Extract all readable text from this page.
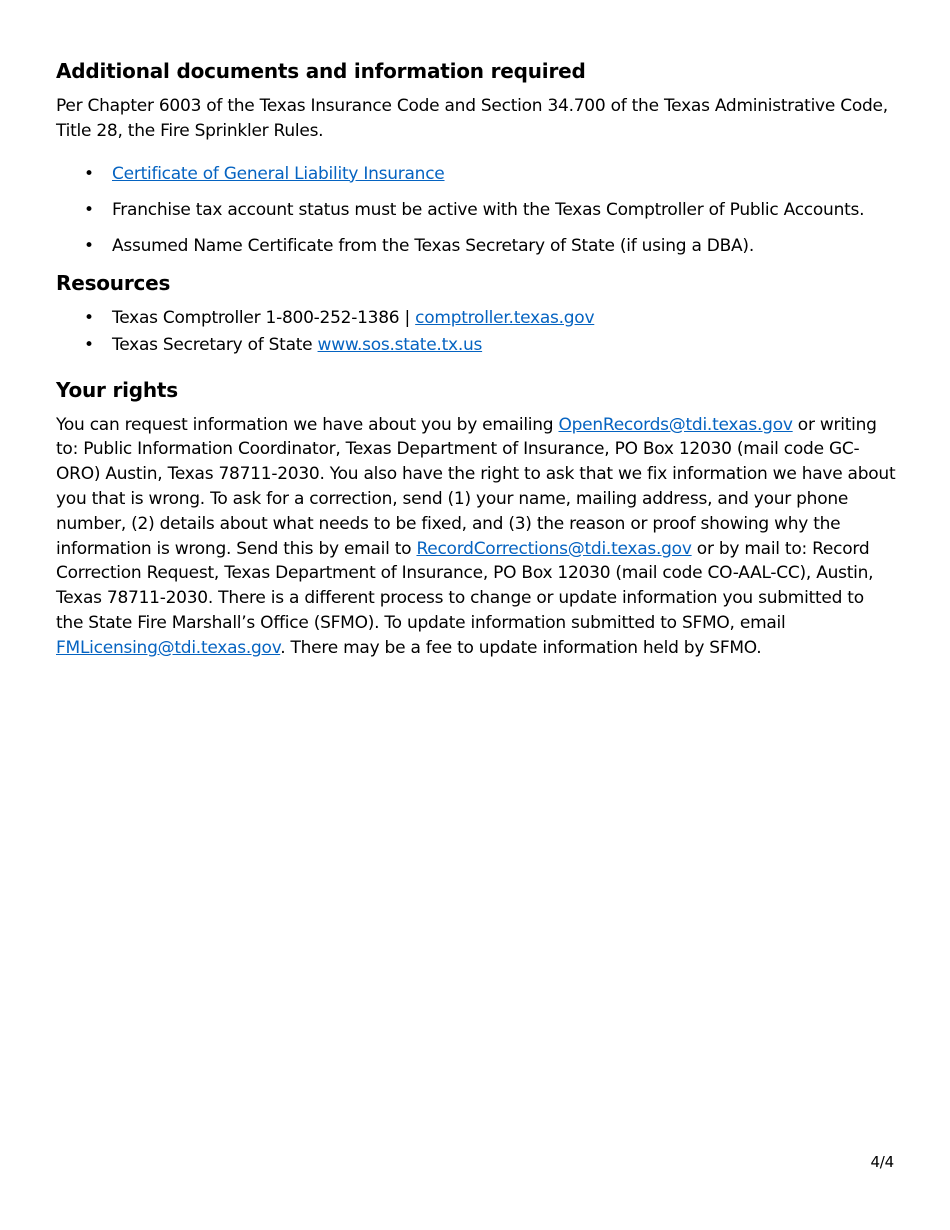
Additional documents and information required

Per Chapter 6003 of the Texas Insurance Code and Section 34.700 of the Texas Administrative Code, Title 28, the Fire Sprinkler Rules.

• Certificate of General Liability Insurance
• Franchise tax account status must be active with the Texas Comptroller of Public Accounts.
• Assumed Name Certificate from the Texas Secretary of State (if using a DBA).
Resources
• Texas Comptroller 1-800-252-1386 | comptroller.texas.gov
• Texas Secretary of State www.sos.state.tx.us
Your rights

You can request information we have about you by emailing OpenRecords@tdi.texas.gov or writing to: Public Information Coordinator, Texas Department of Insurance, PO Box 12030 (mail code GC-ORO) Austin, Texas 78711-2030. You also have the right to ask that we fix information we have about you that is wrong. To ask for a correction, send (1) your name, mailing address, and your phone number, (2) details about what needs to be fixed, and (3) the reason or proof showing why the information is wrong. Send this by email to RecordCorrections@tdi.texas.gov or by mail to: Record Correction Request, Texas Department of Insurance, PO Box 12030 (mail code CO-AAL-CC), Austin, Texas 78711-2030. There is a different process to change or update information you submitted to the State Fire Marshall’s Office (SFMO). To update information submitted to SFMO, email FMLicensing@tdi.texas.gov. There may be a fee to update information held by SFMO.

4/4
